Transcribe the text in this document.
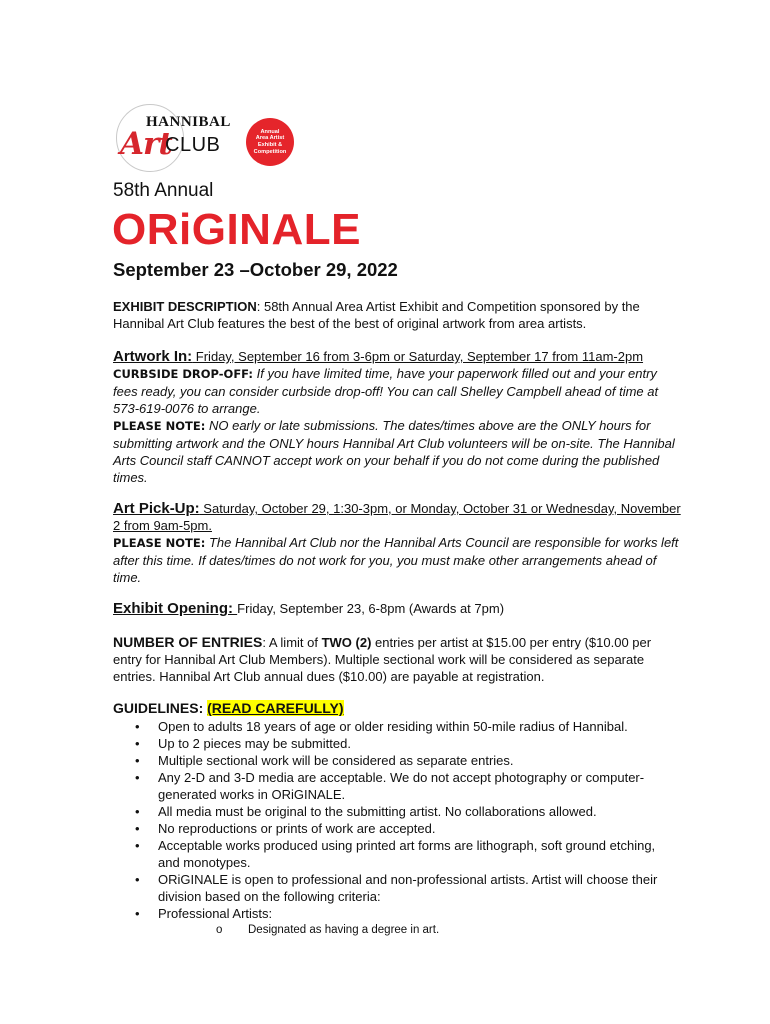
HANNIBAL
Art
CLUB
Annual
Area Artist
Exhibit &
Competition
58th Annual
ORiGINALE
September 23 –October 29, 2022
EXHIBIT DESCRIPTION: 58th Annual Area Artist Exhibit and Competition sponsored by the Hannibal Art Club features the best of the best of original artwork from area artists.
Artwork In: Friday, September 16 from 3-6pm or Saturday, September 17 from 11am-2pm
CURBSIDE DROP-OFF: If you have limited time, have your paperwork filled out and your entry fees ready, you can consider curbside drop-off! You can call Shelley Campbell ahead of time at 573-619-0076 to arrange.
PLEASE NOTE: NO early or late submissions. The dates/times above are the ONLY hours for submitting artwork and the ONLY hours Hannibal Art Club volunteers will be on-site. The Hannibal Arts Council staff CANNOT accept work on your behalf if you do not come during the published times.
Art Pick-Up: Saturday, October 29, 1:30-3pm, or Monday, October 31 or Wednesday, November 2 from 9am-5pm.
PLEASE NOTE: The Hannibal Art Club nor the Hannibal Arts Council are responsible for works left after this time. If dates/times do not work for you, you must make other arrangements ahead of time.
Exhibit Opening: Friday, September 23, 6-8pm (Awards at 7pm)
NUMBER OF ENTRIES: A limit of TWO (2) entries per artist at $15.00 per entry ($10.00 per entry for Hannibal Art Club Members). Multiple sectional work will be considered as separate entries. Hannibal Art Club annual dues ($10.00) are payable at registration.
GUIDELINES: (READ CAREFULLY)
• Open to adults 18 years of age or older residing within 50-mile radius of Hannibal.
• Up to 2 pieces may be submitted.
• Multiple sectional work will be considered as separate entries.
• Any 2-D and 3-D media are acceptable. We do not accept photography or computer-generated works in ORiGINALE.
• All media must be original to the submitting artist. No collaborations allowed.
• No reproductions or prints of work are accepted.
• Acceptable works produced using printed art forms are lithograph, soft ground etching, and monotypes.
• ORiGINALE is open to professional and non-professional artists. Artist will choose their division based on the following criteria:
• Professional Artists:
o Designated as having a degree in art.
